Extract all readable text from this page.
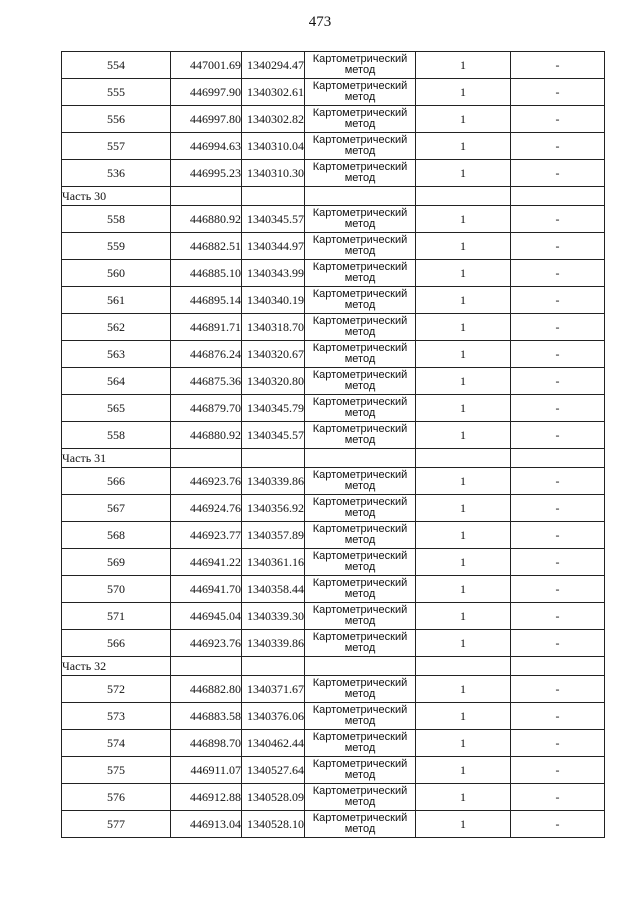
473
554	447001.69	1340294.47	Картометрический
метод	1	-
555	446997.90	1340302.61	Картометрический
метод	1	-
556	446997.80	1340302.82	Картометрический
метод	1	-
557	446994.63	1340310.04	Картометрический
метод	1	-
536	446995.23	1340310.30	Картометрический
метод	1	-
Часть 30					
558	446880.92	1340345.57	Картометрический
метод	1	-
559	446882.51	1340344.97	Картометрический
метод	1	-
560	446885.10	1340343.99	Картометрический
метод	1	-
561	446895.14	1340340.19	Картометрический
метод	1	-
562	446891.71	1340318.70	Картометрический
метод	1	-
563	446876.24	1340320.67	Картометрический
метод	1	-
564	446875.36	1340320.80	Картометрический
метод	1	-
565	446879.70	1340345.79	Картометрический
метод	1	-
558	446880.92	1340345.57	Картометрический
метод	1	-
Часть 31					
566	446923.76	1340339.86	Картометрический
метод	1	-
567	446924.76	1340356.92	Картометрический
метод	1	-
568	446923.77	1340357.89	Картометрический
метод	1	-
569	446941.22	1340361.16	Картометрический
метод	1	-
570	446941.70	1340358.44	Картометрический
метод	1	-
571	446945.04	1340339.30	Картометрический
метод	1	-
566	446923.76	1340339.86	Картометрический
метод	1	-
Часть 32					
572	446882.80	1340371.67	Картометрический
метод	1	-
573	446883.58	1340376.06	Картометрический
метод	1	-
574	446898.70	1340462.44	Картометрический
метод	1	-
575	446911.07	1340527.64	Картометрический
метод	1	-
576	446912.88	1340528.09	Картометрический
метод	1	-
577	446913.04	1340528.10	Картометрический
метод	1	-
